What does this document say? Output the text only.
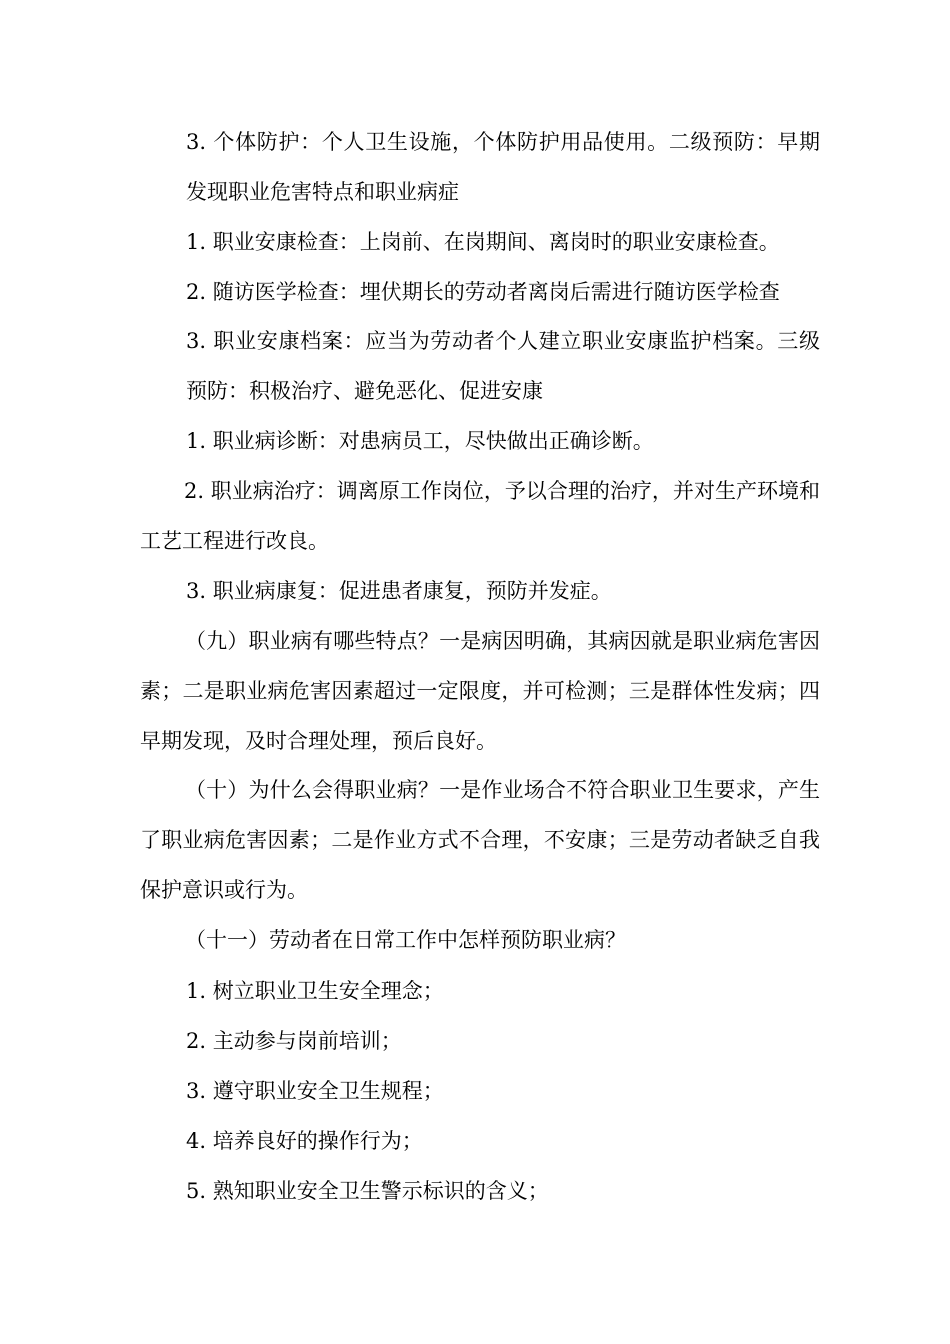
3. 个体防护：个人卫生设施，个体防护用品使用。二级预防：早期发现职业危害特点和职业病症

1. 职业安康检查：上岗前、在岗期间、离岗时的职业安康检查。

2. 随访医学检查：埋伏期长的劳动者离岗后需进行随访医学检查

3. 职业安康档案：应当为劳动者个人建立职业安康监护档案。三级预防：积极治疗、避免恶化、促进安康

1. 职业病诊断：对患病员工，尽快做出正确诊断。

2. 职业病治疗：调离原工作岗位，予以合理的治疗，并对生产环境和工艺工程进行改良。

3. 职业病康复：促进患者康复，预防并发症。

（九）职业病有哪些特点？一是病因明确，其病因就是职业病危害因素；二是职业病危害因素超过一定限度，并可检测；三是群体性发病；四早期发现，及时合理处理，预后良好。

（十）为什么会得职业病？一是作业场合不符合职业卫生要求，产生了职业病危害因素；二是作业方式不合理，不安康；三是劳动者缺乏自我保护意识或行为。

（十一）劳动者在日常工作中怎样预防职业病？

1. 树立职业卫生安全理念；

2. 主动参与岗前培训；

3. 遵守职业安全卫生规程；

4. 培养良好的操作行为；

5. 熟知职业安全卫生警示标识的含义；
